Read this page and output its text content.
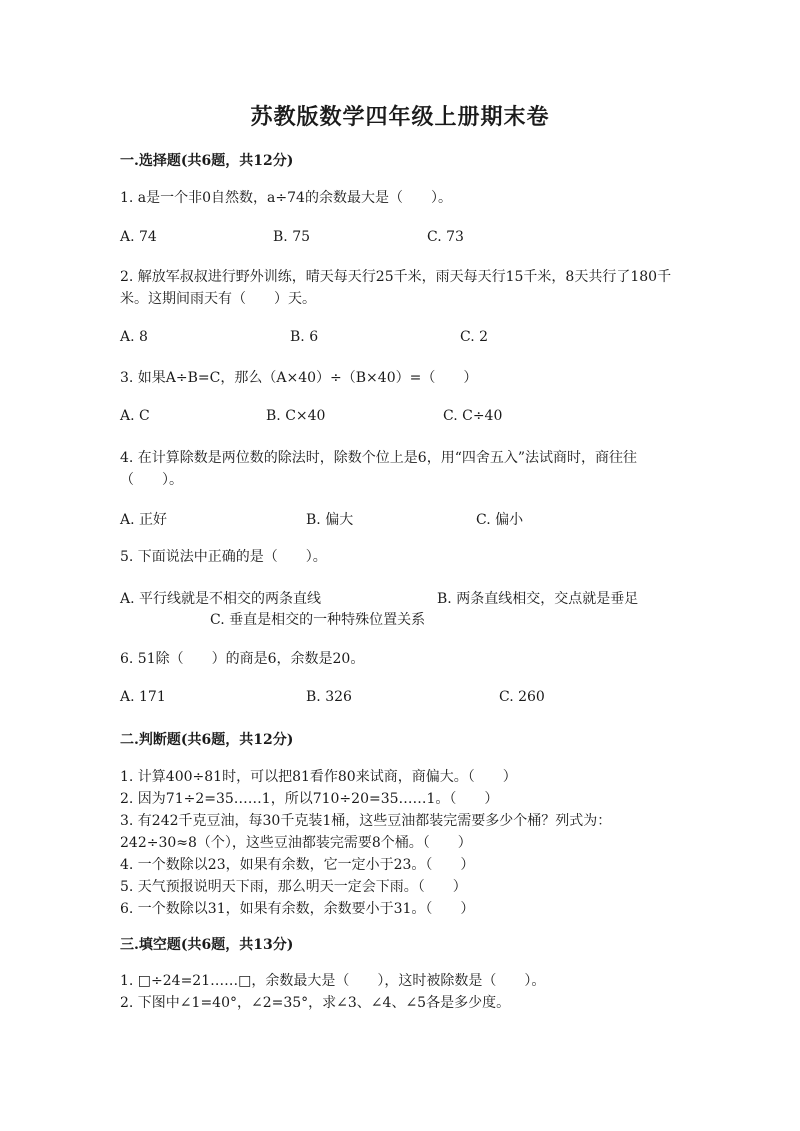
苏教版数学四年级上册期末卷
一.选择题(共6题，共12分)
1. a是一个非0自然数，a÷74的余数最大是（　　）。
A. 74	B. 75	C. 73
2. 解放军叔叔进行野外训练，晴天每天行25千米，雨天每天行15千米，8天共行了180千米。这期间雨天有（　　）天。
A. 8	B. 6	C. 2
3. 如果A÷B=C，那么（A×40）÷（B×40）=（　　）
A. C	B. C×40	C. C÷40
4. 在计算除数是两位数的除法时，除数个位上是6，用“四舍五入”法试商时，商往往（　　）。
A. 正好	B. 偏大	C. 偏小
5. 下面说法中正确的是（　　）。
A. 平行线就是不相交的两条直线	B. 两条直线相交，交点就是垂足
C. 垂直是相交的一种特殊位置关系
6. 51除（　　）的商是6，余数是20。
A. 171	B. 326	C. 260
二.判断题(共6题，共12分)
1. 计算400÷81时，可以把81看作80来试商，商偏大。（　　）
2. 因为71÷2=35……1，所以710÷20=35……1。（　　）
3. 有242千克豆油，每30千克装1桶，这些豆油都装完需要多少个桶？列式为：242÷30≈8（个），这些豆油都装完需要8个桶。（　　）
4. 一个数除以23，如果有余数，它一定小于23。（　　）
5. 天气预报说明天下雨，那么明天一定会下雨。（　　）
6. 一个数除以31，如果有余数，余数要小于31。（　　）
三.填空题(共6题，共13分)
1. □÷24=21……□，余数最大是（　　），这时被除数是（　　）。
2. 下图中∠1=40°，∠2=35°，求∠3、∠4、∠5各是多少度。
